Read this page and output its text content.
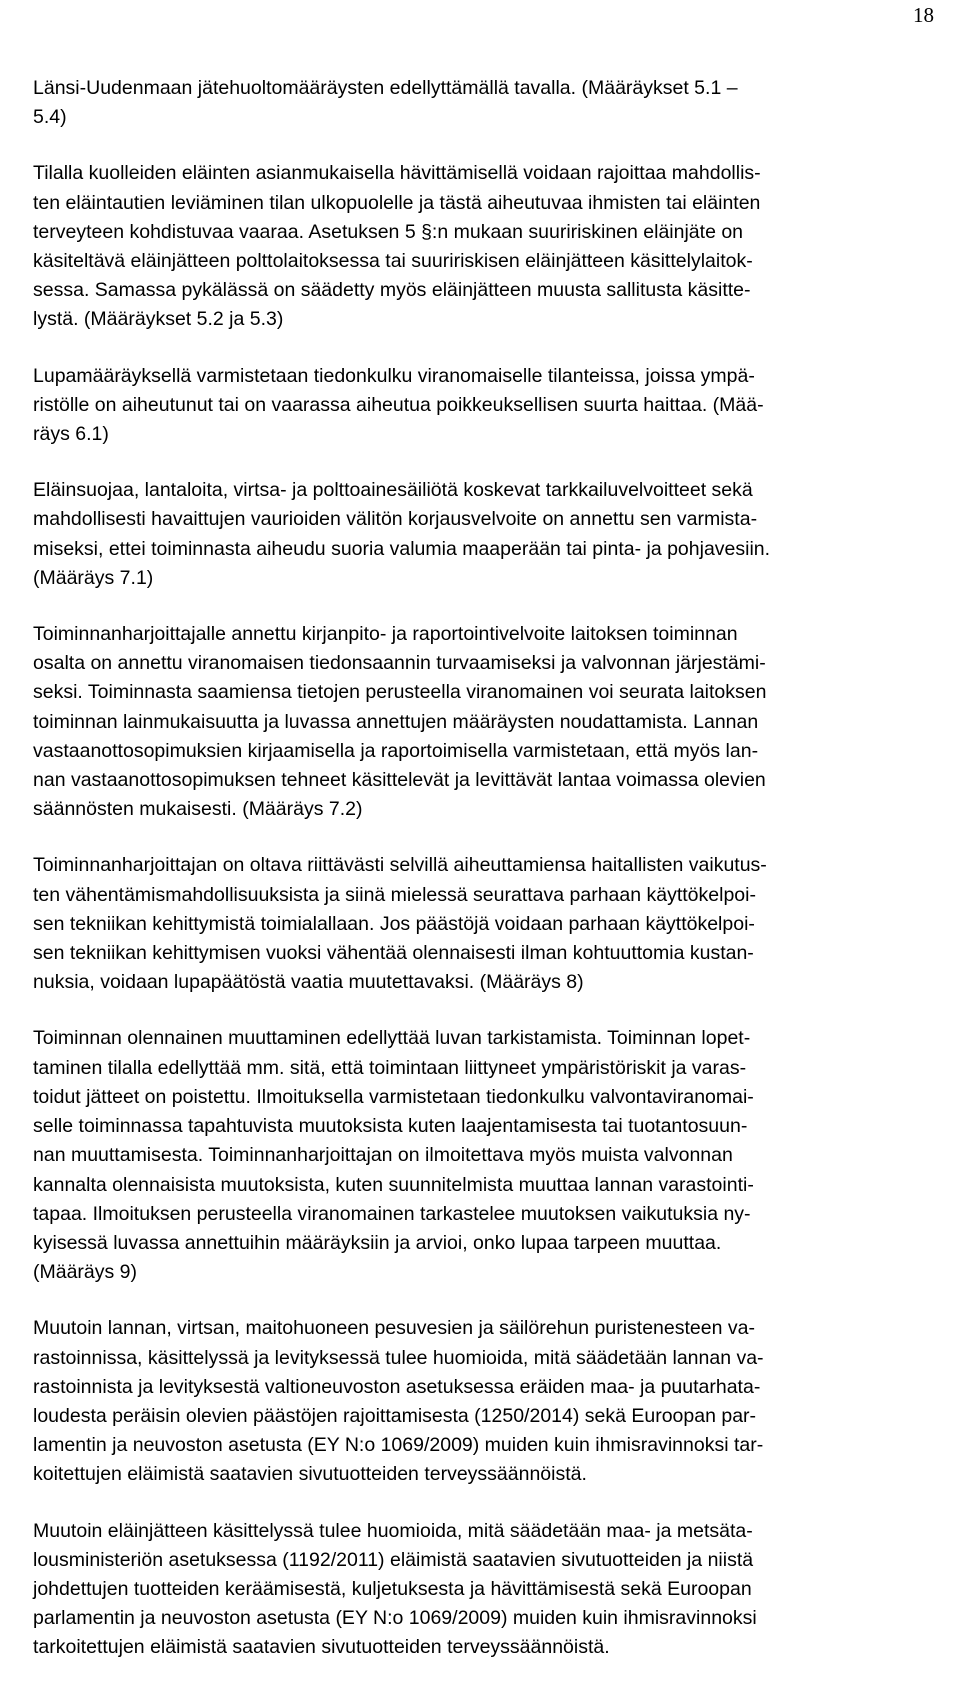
18

Länsi-Uudenmaan jätehuoltomääräysten edellyttämällä tavalla. (Määräykset 5.1 –
5.4)

Tilalla kuolleiden eläinten asianmukaisella hävittämisellä voidaan rajoittaa mahdollis-
ten eläintautien leviäminen tilan ulkopuolelle ja tästä aiheutuvaa ihmisten tai eläinten
terveyteen kohdistuvaa vaaraa. Asetuksen 5 §:n mukaan suuririskinen eläinjäte on
käsiteltävä eläinjätteen polttolaitoksessa tai suuririskisen eläinjätteen käsittelylaitok-
sessa. Samassa pykälässä on säädetty myös eläinjätteen muusta sallitusta käsitte-
lystä. (Määräykset 5.2 ja 5.3)

Lupamääräyksellä varmistetaan tiedonkulku viranomaiselle tilanteissa, joissa ympä-
ristölle on aiheutunut tai on vaarassa aiheutua poikkeuksellisen suurta haittaa. (Mää-
räys 6.1)

Eläinsuojaa, lantaloita, virtsa- ja polttoainesäiliötä koskevat tarkkailuvelvoitteet sekä
mahdollisesti havaittujen vaurioiden välitön korjausvelvoite on annettu sen varmista-
miseksi, ettei toiminnasta aiheudu suoria valumia maaperään tai pinta- ja pohjavesiin.
(Määräys 7.1)

Toiminnanharjoittajalle annettu kirjanpito- ja raportointivelvoite laitoksen toiminnan
osalta on annettu viranomaisen tiedonsaannin turvaamiseksi ja valvonnan järjestämi-
seksi. Toiminnasta saamiensa tietojen perusteella viranomainen voi seurata laitoksen
toiminnan lainmukaisuutta ja luvassa annettujen määräysten noudattamista. Lannan
vastaanottosopimuksien kirjaamisella ja raportoimisella varmistetaan, että myös lan-
nan vastaanottosopimuksen tehneet käsittelevät ja levittävät lantaa voimassa olevien
säännösten mukaisesti. (Määräys 7.2)

Toiminnanharjoittajan on oltava riittävästi selvillä aiheuttamiensa haitallisten vaikutus-
ten vähentämismahdollisuuksista ja siinä mielessä seurattava parhaan käyttökelpoi-
sen tekniikan kehittymistä toimialallaan. Jos päästöjä voidaan parhaan käyttökelpoi-
sen tekniikan kehittymisen vuoksi vähentää olennaisesti ilman kohtuuttomia kustan-
nuksia, voidaan lupapäätöstä vaatia muutettavaksi. (Määräys 8)

Toiminnan olennainen muuttaminen edellyttää luvan tarkistamista. Toiminnan lopet-
taminen tilalla edellyttää mm. sitä, että toimintaan liittyneet ympäristöriskit ja varas-
toidut jätteet on poistettu. Ilmoituksella varmistetaan tiedonkulku valvontaviranomai-
selle toiminnassa tapahtuvista muutoksista kuten laajentamisesta tai tuotantosuun-
nan muuttamisesta. Toiminnanharjoittajan on ilmoitettava myös muista valvonnan
kannalta olennaisista muutoksista, kuten suunnitelmista muuttaa lannan varastointi-
tapaa. Ilmoituksen perusteella viranomainen tarkastelee muutoksen vaikutuksia ny-
kyisessä luvassa annettuihin määräyksiin ja arvioi, onko lupaa tarpeen muuttaa.
(Määräys 9)

Muutoin lannan, virtsan, maitohuoneen pesuvesien ja säilörehun puristenesteen va-
rastoinnissa, käsittelyssä ja levityksessä tulee huomioida, mitä säädetään lannan va-
rastoinnista ja levityksestä valtioneuvoston asetuksessa eräiden maa- ja puutarhata-
loudesta peräisin olevien päästöjen rajoittamisesta (1250/2014) sekä Euroopan par-
lamentin ja neuvoston asetusta (EY N:o 1069/2009) muiden kuin ihmisravinnoksi tar-
koitettujen eläimistä saatavien sivutuotteiden terveyssäännöistä.

Muutoin eläinjätteen käsittelyssä tulee huomioida, mitä säädetään maa- ja metsäta-
lousministeriön asetuksessa (1192/2011) eläimistä saatavien sivutuotteiden ja niistä
johdettujen tuotteiden keräämisestä, kuljetuksesta ja hävittämisestä sekä Euroopan
parlamentin ja neuvoston asetusta (EY N:o 1069/2009) muiden kuin ihmisravinnoksi
tarkoitettujen eläimistä saatavien sivutuotteiden terveyssäännöistä.
